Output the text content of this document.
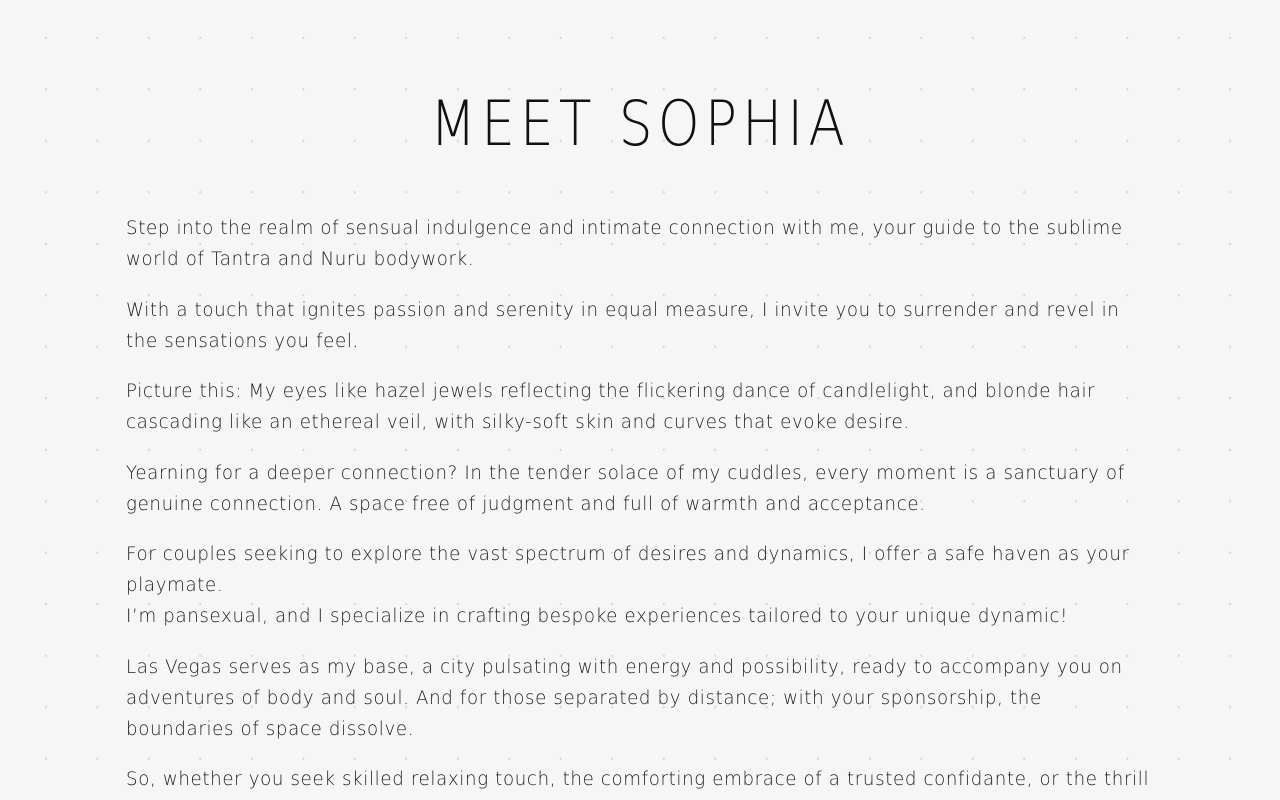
MEET SOPHIA

Step into the realm of sensual indulgence and intimate connection with me, your guide to the sublime world of Tantra and Nuru bodywork.

With a touch that ignites passion and serenity in equal measure, I invite you to surrender and revel in the sensations you feel.

Picture this: My eyes like hazel jewels reflecting the flickering dance of candlelight, and blonde hair cascading like an ethereal veil, with silky-soft skin and curves that evoke desire.

Yearning for a deeper connection? In the tender solace of my cuddles, every moment is a sanctuary of genuine connection. A space free of judgment and full of warmth and acceptance.

For couples seeking to explore the vast spectrum of desires and dynamics, I offer a safe haven as your playmate.
I’m pansexual, and I specialize in crafting bespoke experiences tailored to your unique dynamic!

Las Vegas serves as my base, a city pulsating with energy and possibility, ready to accompany you on adventures of body and soul. And for those separated by distance; with your sponsorship, the boundaries of space dissolve.

So, whether you seek skilled relaxing touch, the comforting embrace of a trusted confidante, or the thrill
